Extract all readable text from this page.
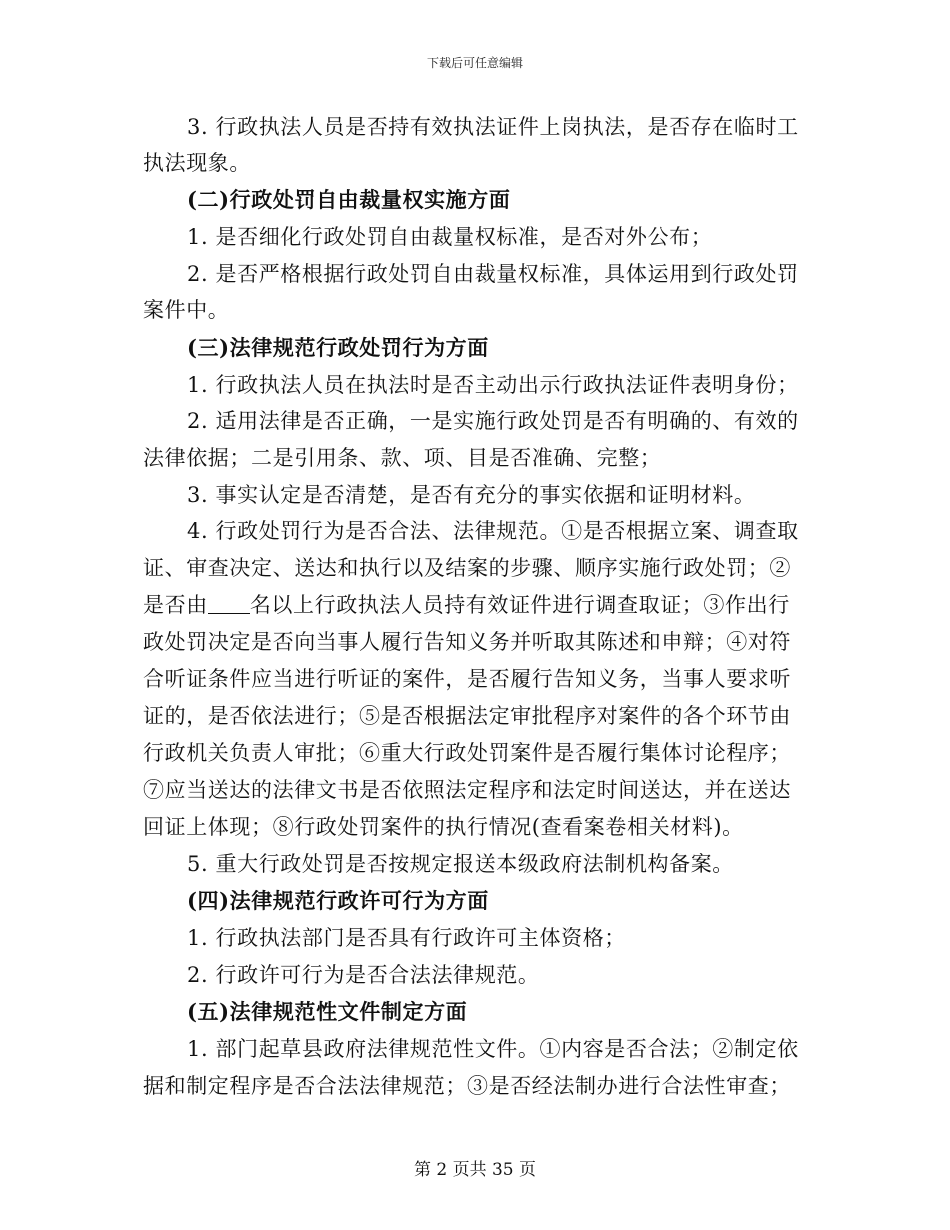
下载后可任意编辑
3. 行政执法人员是否持有效执法证件上岗执法，是否存在临时工
执法现象。
(二)行政处罚自由裁量权实施方面
1. 是否细化行政处罚自由裁量权标准，是否对外公布；
2. 是否严格根据行政处罚自由裁量权标准，具体运用到行政处罚
案件中。
(三)法律规范行政处罚行为方面
1. 行政执法人员在执法时是否主动出示行政执法证件表明身份；
2. 适用法律是否正确，一是实施行政处罚是否有明确的、有效的
法律依据；二是引用条、款、项、目是否准确、完整；
3. 事实认定是否清楚，是否有充分的事实依据和证明材料。
4. 行政处罚行为是否合法、法律规范。①是否根据立案、调查取
证、审查决定、送达和执行以及结案的步骤、顺序实施行政处罚；②
是否由 名以上行政执法人员持有效证件进行调查取证；③作出行
政处罚决定是否向当事人履行告知义务并听取其陈述和申辩；④对符
合听证条件应当进行听证的案件，是否履行告知义务，当事人要求听
证的，是否依法进行；⑤是否根据法定审批程序对案件的各个环节由
行政机关负责人审批；⑥重大行政处罚案件是否履行集体讨论程序；
⑦应当送达的法律文书是否依照法定程序和法定时间送达，并在送达
回证上体现；⑧行政处罚案件的执行情况(查看案卷相关材料)。
5. 重大行政处罚是否按规定报送本级政府法制机构备案。
(四)法律规范行政许可行为方面
1. 行政执法部门是否具有行政许可主体资格；
2. 行政许可行为是否合法法律规范。
(五)法律规范性文件制定方面
1. 部门起草县政府法律规范性文件。①内容是否合法；②制定依
据和制定程序是否合法法律规范；③是否经法制办进行合法性审查；
第 2 页共 35 页
